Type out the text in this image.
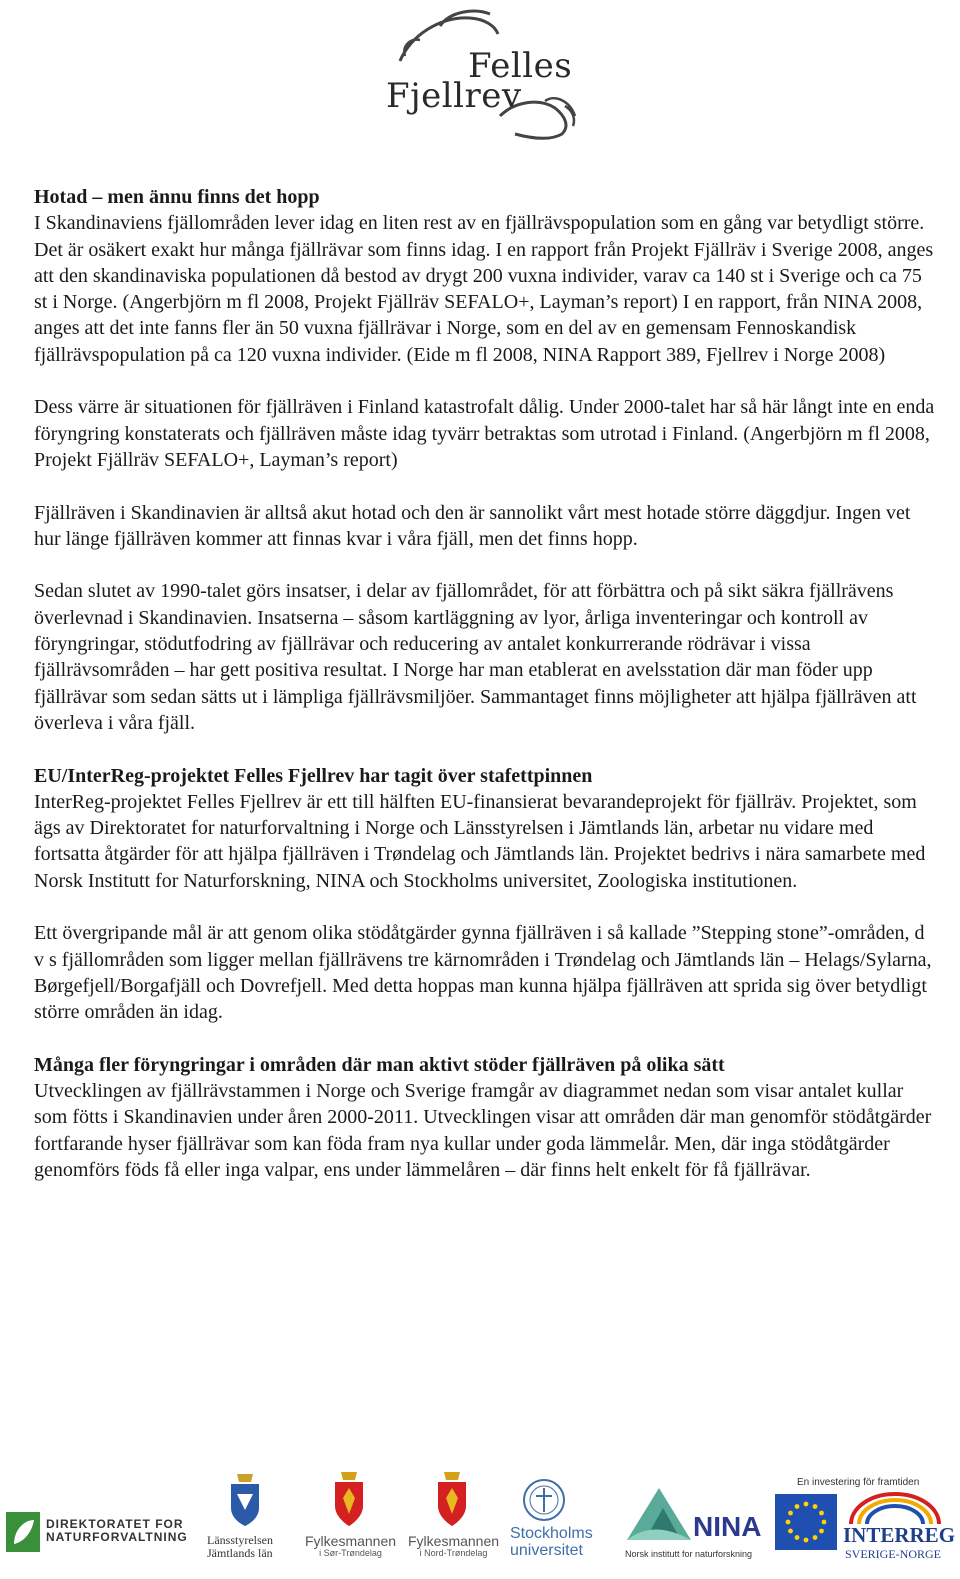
Felles
Fjellrev
Hotad – men ännu finns det hopp

I Skandinaviens fjällområden lever idag en liten rest av en fjällrävspopulation som en gång var betydligt större. Det är osäkert exakt hur många fjällrävar som finns idag. I en rapport från Projekt Fjällräv i Sverige 2008, anges att den skandinaviska populationen då bestod av drygt 200 vuxna individer, varav ca 140 st i Sverige och ca 75 st i Norge. (Angerbjörn m fl 2008, Projekt Fjällräv SEFALO+, Layman’s report) I en rapport, från NINA 2008, anges att det inte fanns fler än 50 vuxna fjällrävar i Norge, som en del av en gemensam Fennoskandisk fjällrävspopulation på ca 120 vuxna individer. (Eide m fl 2008, NINA Rapport 389, Fjellrev i Norge 2008)

Dess värre är situationen för fjällräven i Finland katastrofalt dålig. Under 2000-talet har så här långt inte en enda föryngring konstaterats och fjällräven måste idag tyvärr betraktas som utrotad i Finland. (Angerbjörn m fl 2008, Projekt Fjällräv SEFALO+, Layman’s report)

Fjällräven i Skandinavien är alltså akut hotad och den är sannolikt vårt mest hotade större däggdjur. Ingen vet hur länge fjällräven kommer att finnas kvar i våra fjäll, men det finns hopp.

Sedan slutet av 1990-talet görs insatser, i delar av fjällområdet, för att förbättra och på sikt säkra fjällrävens överlevnad i Skandinavien. Insatserna – såsom kartläggning av lyor, årliga inventeringar och kontroll av föryngringar, stödutfodring av fjällrävar och reducering av antalet konkurrerande rödrävar i vissa fjällrävsområden – har gett positiva resultat. I Norge har man etablerat en avelsstation där man föder upp fjällrävar som sedan sätts ut i lämpliga fjällrävsmiljöer. Sammantaget finns möjligheter att hjälpa fjällräven att överleva i våra fjäll.

EU/InterReg-projektet Felles Fjellrev har tagit över stafettpinnen

InterReg-projektet Felles Fjellrev är ett till hälften EU-finansierat bevarandeprojekt för fjällräv. Projektet, som ägs av Direktoratet for naturforvaltning i Norge och Länsstyrelsen i Jämtlands län, arbetar nu vidare med fortsatta åtgärder för att hjälpa fjällräven i Trøndelag och Jämtlands län. Projektet bedrivs i nära samarbete med Norsk Institutt for Naturforskning, NINA och Stockholms universitet, Zoologiska institutionen.

Ett övergripande mål är att genom olika stödåtgärder gynna fjällräven i så kallade ”Stepping stone”-områden, d v s fjällområden som ligger mellan fjällrävens tre kärnområden i Trøndelag och Jämtlands län – Helags/Sylarna, Børgefjell/Borgafjäll och Dovrefjell. Med detta hoppas man kunna hjälpa fjällräven att sprida sig över betydligt större områden än idag.

Många fler föryngringar i områden där man aktivt stöder fjällräven på olika sätt

Utvecklingen av fjällrävstammen i Norge och Sverige framgår av diagrammet nedan som visar antalet kullar som fötts i Skandinavien under åren 2000-2011. Utvecklingen visar att områden där man genomför stödåtgärder fortfarande hyser fjällrävar som kan föda fram nya kullar under goda lämmelår. Men, där inga stödåtgärder genomförs föds få eller inga valpar, ens under lämmelåren – där finns helt enkelt för få fjällrävar.

DIREKTORATET FOR
NATURFORVALTNING Länsstyrelsen
Jämtlands län
Fylkesmannen
i Sør-Trøndelag
Fylkesmannen
i Nord-Trøndelag
Stockholms
universitet
NINA
Norsk institutt for naturforskning
En investering för framtiden
INTERREG
SVERIGE-NORGE
